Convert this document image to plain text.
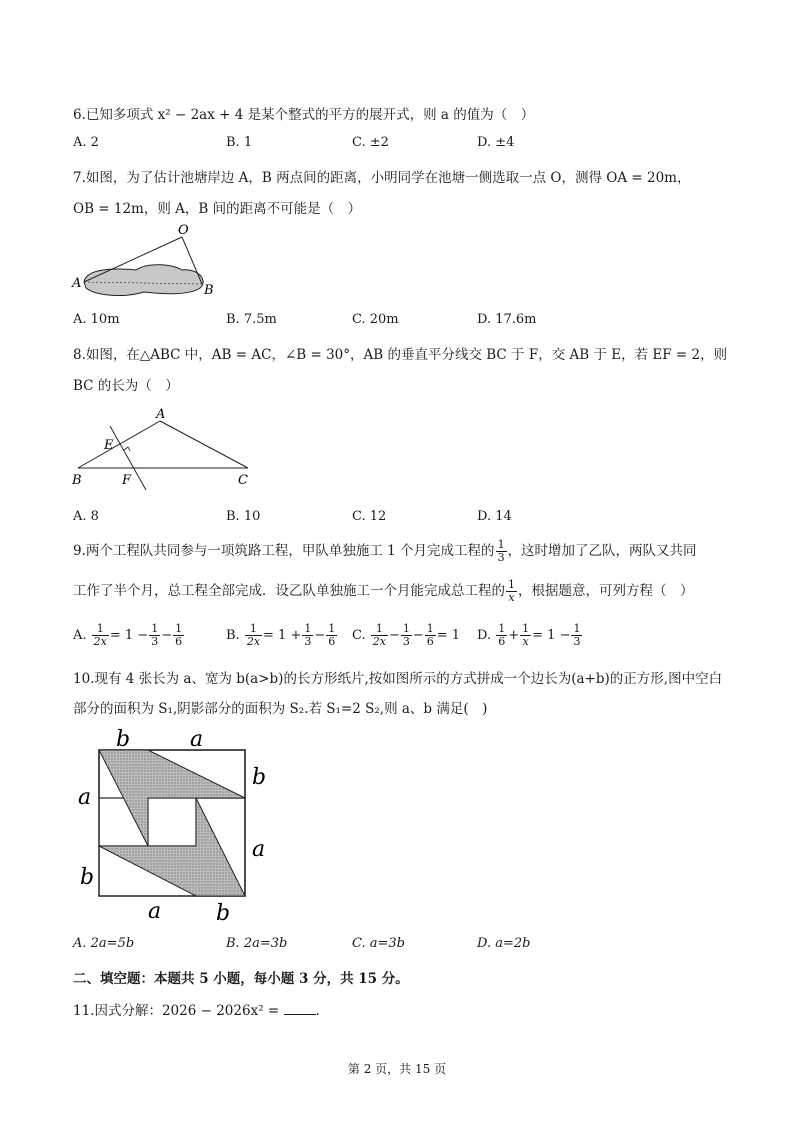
6.已知多项式 x² − 2ax + 4 是某个整式的平方的展开式，则 a 的值为（　）
A. 2	B. 1	C. ±2	D. ±4
7.如图，为了估计池塘岸边 A，B 两点间的距离，小明同学在池塘一侧选取一点 O，测得 OA = 20m，
OB = 12m，则 A，B 间的距离不可能是（　）
O
A	B
A. 10m	B. 7.5m	C. 20m	D. 17.6m
8.如图，在△ABC 中，AB = AC，∠B = 30°，AB 的垂直平分线交 BC 于 F，交 AB 于 E，若 EF = 2，则
BC 的长为（　）
A
E
B	F	C
A. 8	B. 10	C. 12	D. 14
9.两个工程队共同参与一项筑路工程，甲队单独施工 1 个月完成工程的 $\frac{1}{3}$ ，这时增加了乙队，两队又共同
工作了半个月，总工程全部完成．设乙队单独施工一个月能完成总工程的 $\frac{1}{x}$ ，根据题意，可列方程（　）
A. $\frac{1}{2x} = 1 - \frac{1}{3} - \frac{1}{6}$	B. $\frac{1}{2x} = 1 + \frac{1}{3} - \frac{1}{6} C$. $\frac{1}{2x} - \frac{1}{3} - \frac{1}{6} = 1$ D. $\frac{1}{6} + \frac{1}{x} = 1 - \frac{1}{3}$
10.现有 4 张长为 a、宽为 b(a>b)的长方形纸片,按如图所示的方式拼成一个边长为(a+b)的正方形,图中空白
部分的面积为 S₁,阴影部分的面积为 S₂.若 S₁=2 S₂,则 a、b 满足(　)
b	a
b
a
a
b
a b
A. 2a=5b	B. 2a=3b	C. a=3b	D. a=2b
二、填空题：本题共 5 小题，每小题 3 分，共 15 分。
11.因式分解：2026 − 2026x² =	.
第 2 页，共 15 页
